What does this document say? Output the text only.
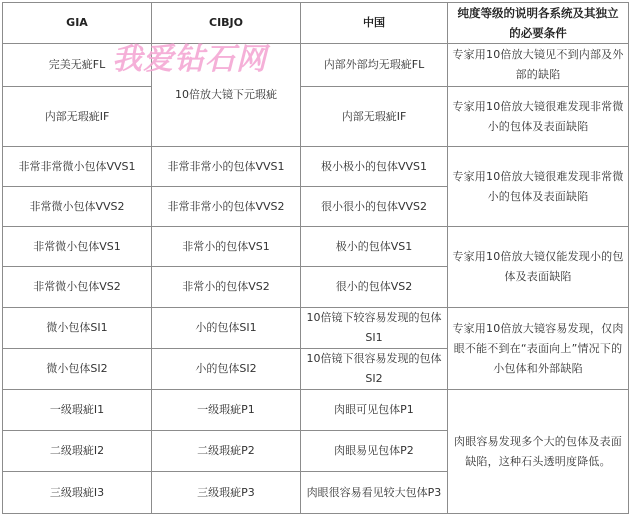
GIA	CIBJO	中国	纯度等级的说明各系统及其独立的必要条件
完美无疵FL	10倍放大镜下元瑕疵	内部外部均无瑕疵FL	专家用10倍放大镜见不到内部及外部的缺陷
内部无瑕疵IF		内部无瑕疵IF	专家用10倍放大镜很难发现非常微小的包体及表面缺陷
非常非常微小包体VVS1	非常非常小的包体VVS1	极小极小的包体VVS1	专家用10倍放大镜很难发现非常微小的包体及表面缺陷
非常微小包体VVS2	非常非常小的包体VVS2	很小很小的包体VVS2	
非常微小包体VS1	非常小的包体VS1	极小的包体VS1	专家用10倍放大镜仅能发现小的包体及表面缺陷
非常微小包体VS2	非常小的包体VS2	很小的包体VS2	
微小包体SI1	小的包体SI1	10倍镜下较容易发现的包体SI1	专家用10倍放大镜容易发现，仅肉眼不能不到在“表面向上”情况下的小包体和外部缺陷
微小包体SI2	小的包体SI2	10倍镜下很容易发现的包体SI2	
一级瑕疵I1	一级瑕疵P1	肉眼可见包体P1	肉眼容易发现多个大的包体及表面缺陷，这种石头透明度降低。
二级瑕疵I2	二级瑕疵P2	肉眼易见包体P2	
三级瑕疵I3	三级瑕疵P3	肉眼很容易看见较大包体P3	
我爱钻石网
